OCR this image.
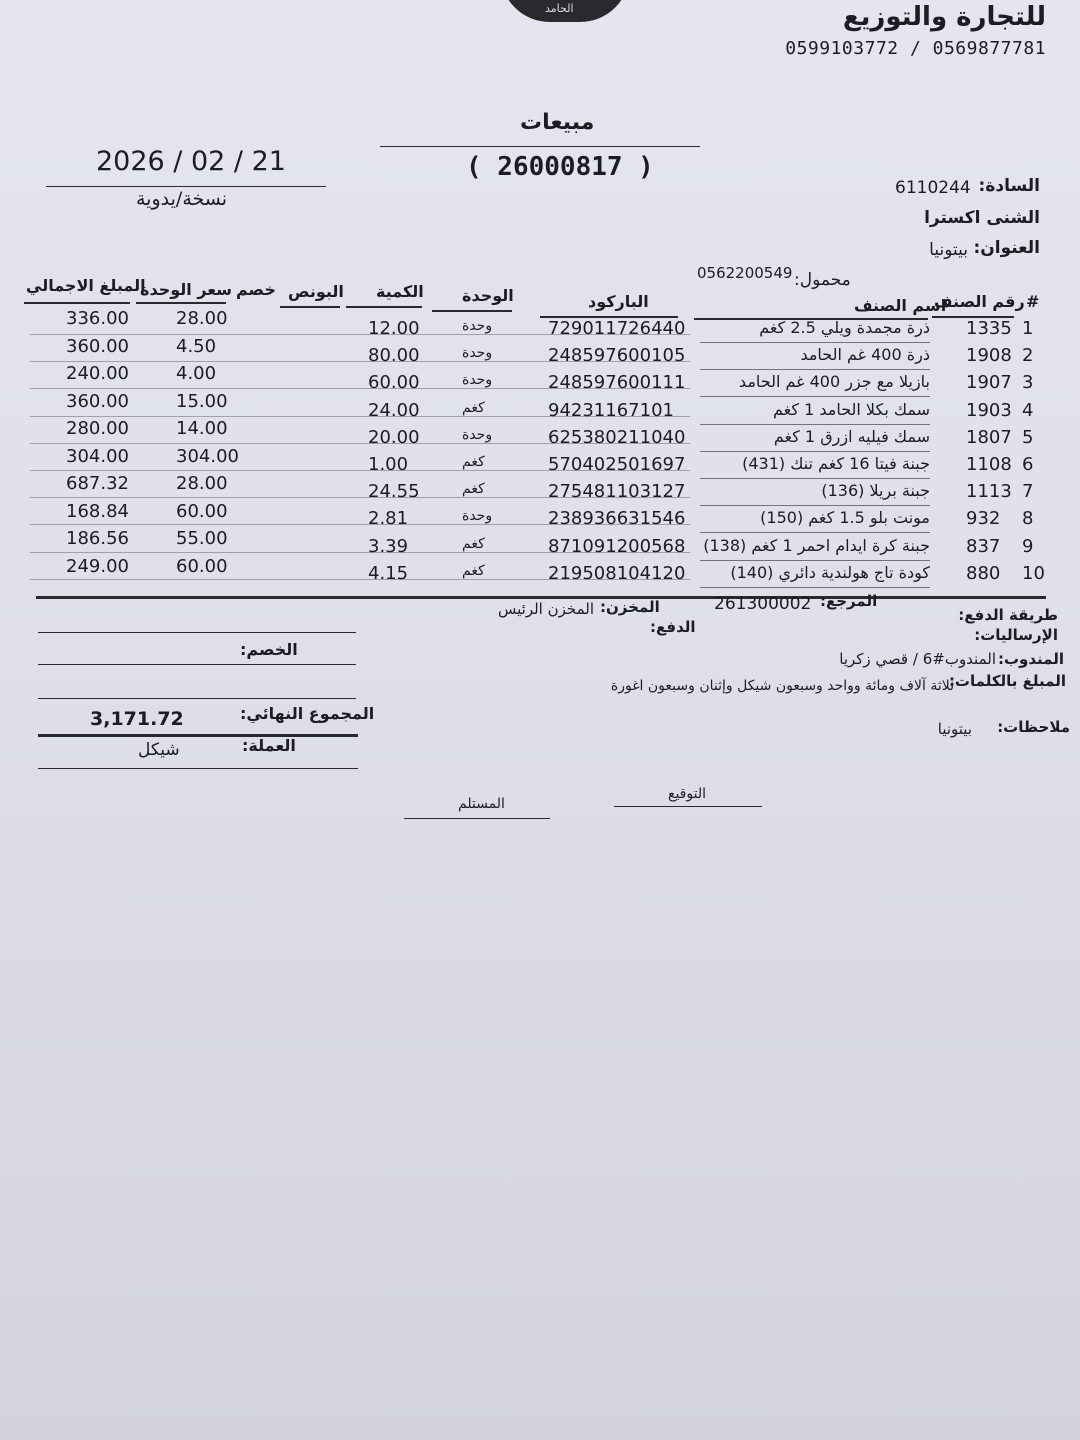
الحامد	للتجارة والتوزيع
0599103772 / 0569877781
مبيعات
( 26000817 )
2026 / 02 / 21
نسخة/يدوية
السادة:
6110244
الشنى اكسترا
العنوان:
بيتونيا
محمول:
0562200549
#
رقم الصنف
اسم الصنف
الباركود
الوحدة
الكمية
البونص
خصم
سعر الوحدة
المبلغ الاجمالي
1
1335
ذرة مجمدة ويلي 2.5 كغم
729011726440
وحدة
12.00
28.00
336.00
2
1908
ذرة 400 غم الحامد
248597600105
وحدة
80.00
4.50
360.00
3
1907
بازيلا مع جزر 400 غم الحامد
248597600111
وحدة
60.00
4.00
240.00
4
1903
سمك بكلا الحامد 1 كغم
94231167101
كغم
24.00
15.00
360.00
5
1807
سمك فيليه ازرق 1 كغم
625380211040
وحدة
20.00
14.00
280.00
6
1108
جبنة فيتا 16 كغم تنك (431)
570402501697
كغم
1.00
304.00
304.00
7
1113
جبنة بريلا (136)
275481103127
كغم
24.55
28.00
687.32
8
932
مونت بلو 1.5 كغم (150)
238936631546
وحدة
2.81
60.00
168.84
9
837
جبنة كرة ايدام احمر 1 كغم (138)
871091200568
كغم
3.39
55.00
186.56
10
880
كودة تاج هولندية دائري (140)
219508104120
كغم
4.15
60.00
249.00
المرجع:
261300002
المخزن:
المخزن الرئيس
الدفع:
طريقة الدفع:
الإرساليات:
المندوب:
المندوب#6 / قصي زكريا
المبلغ بالكلمات:
ثلاثة آلاف ومائة وواحد وسبعون شيكل وإثنان وسبعون اغورة
ملاحظات:
بيتونيا
الخصم:
المجموع النهائي:
3,171.72
العملة:
شيكل
التوقيع
المستلم
